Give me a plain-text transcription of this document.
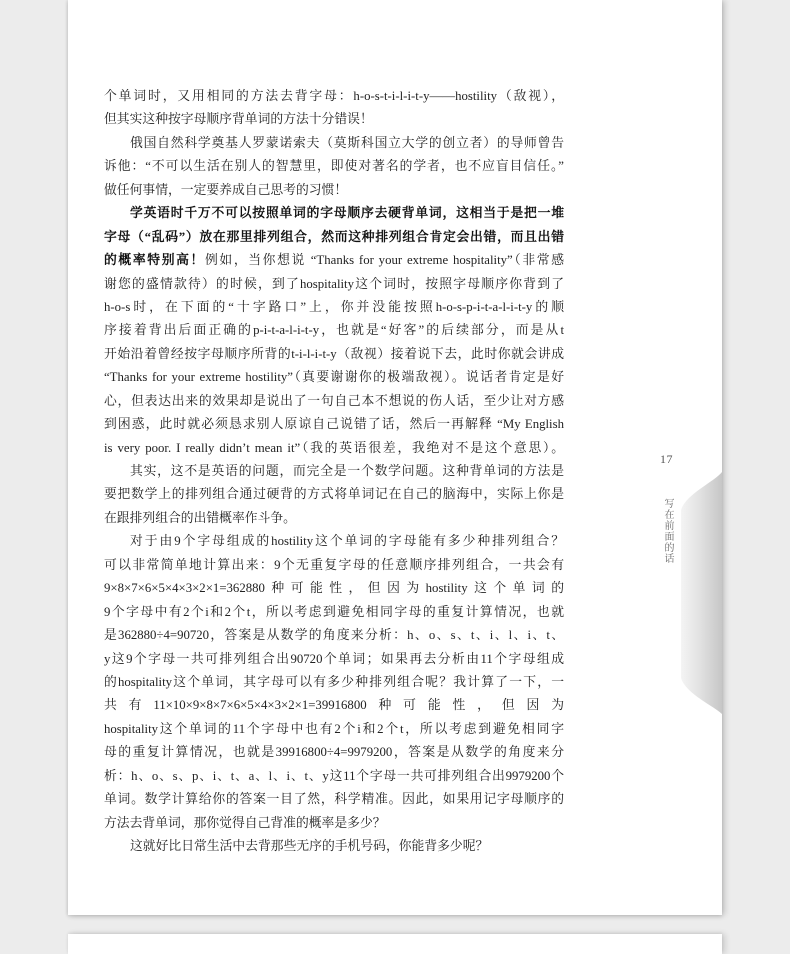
个单词时，又用相同的方法去背字母：h-o-s-t-i-l-i-t-y——hostility（敌视），
但其实这种按字母顺序背单词的方法十分错误！
俄国自然科学奠基人罗蒙诺索夫（莫斯科国立大学的创立者）的导师曾告
诉他：“不可以生活在别人的智慧里，即使对著名的学者，也不应盲目信任。”
做任何事情，一定要养成自己思考的习惯！
学英语时千万不可以按照单词的字母顺序去硬背单词，这相当于是把一堆
字母（“乱码”）放在那里排列组合，然而这种排列组合肯定会出错，而且出错
的概率特别高！例如，当你想说 “Thanks for your extreme hospitality”（非常感
谢您的盛情款待）的时候，到了hospitality这个词时，按照字母顺序你背到了
h-o-s时，在下面的“十字路口”上，你并没能按照h-o-s-p-i-t-a-l-i-t-y的顺
序接着背出后面正确的p-i-t-a-l-i-t-y，也就是“好客”的后续部分，而是从t
开始沿着曾经按字母顺序所背的t-i-l-i-t-y（敌视）接着说下去，此时你就会讲成
“Thanks for your extreme hostility”（真要谢谢你的极端敌视）。说话者肯定是好
心，但表达出来的效果却是说出了一句自己本不想说的伤人话，至少让对方感
到困惑，此时就必须恳求别人原谅自己说错了话，然后一再解释 “My English
is very poor. I really didn’t mean it”（我的英语很差，我绝对不是这个意思）。
其实，这不是英语的问题，而完全是一个数学问题。这种背单词的方法是
要把数学上的排列组合通过硬背的方式将单词记在自己的脑海中，实际上你是
在跟排列组合的出错概率作斗争。
对于由9个字母组成的hostility这个单词的字母能有多少种排列组合？
可以非常简单地计算出来：9个无重复字母的任意顺序排列组合，一共会有
9×8×7×6×5×4×3×2×1=362880种可能性，但因为hostility这个单词的
9个字母中有2个i和2个t，所以考虑到避免相同字母的重复计算情况，也就
是362880÷4=90720，答案是从数学的角度来分析：h、o、s、t、i、l、i、t、
y这9个字母一共可排列组合出90720个单词；如果再去分析由11个字母组成
的hospitality这个单词，其字母可以有多少种排列组合呢？我计算了一下，一
共有11×10×9×8×7×6×5×4×3×2×1=39916800种可能性，但因为
hospitality这个单词的11个字母中也有2个i和2个t，所以考虑到避免相同字
母的重复计算情况，也就是39916800÷4=9979200，答案是从数学的角度来分
析：h、o、s、p、i、t、a、l、i、t、y这11个字母一共可排列组合出9979200个
单词。数学计算给你的答案一目了然，科学精准。因此，如果用记字母顺序的
方法去背单词，那你觉得自己背准的概率是多少？
这就好比日常生活中去背那些无序的手机号码，你能背多少呢？
17
写在前面的话
